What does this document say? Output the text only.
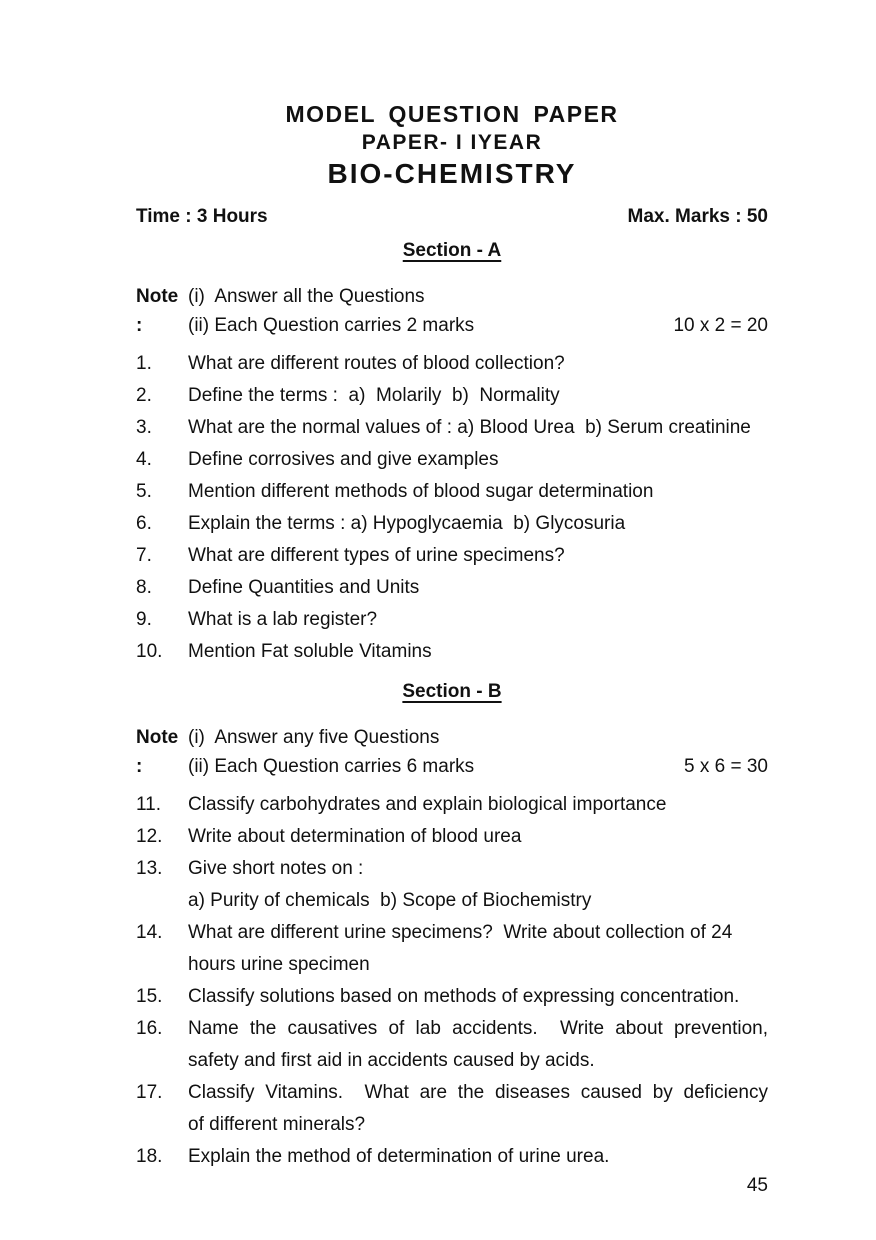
MODEL QUESTION PAPER
PAPER- I IYEAR
BIO-CHEMISTRY
Time : 3 Hours	Max. Marks : 50
Section - A
Note :
(i)  Answer all the Questions
(ii) Each Question carries 2 marks	10 x 2 = 20
1.	What are different routes of blood collection?
2.	Define the terms :  a)  Molarily  b)  Normality
3.	What are the normal values of : a) Blood Urea  b) Serum creatinine
4.	Define corrosives and give examples
5.	Mention different methods of blood sugar determination
6.	Explain the terms : a) Hypoglycaemia  b) Glycosuria
7.	What are different types of urine specimens?
8.	Define Quantities and Units
9.	What is a lab register?
10.	Mention Fat soluble Vitamins
Section - B
Note :
(i)  Answer any five Questions
(ii) Each Question carries 6 marks	5 x 6 = 30
11.	Classify carbohydrates and explain biological importance
12.	Write about determination of blood urea
13.	Give short notes on :
a) Purity of chemicals  b) Scope of Biochemistry
14.	What are different urine specimens?  Write about collection of 24
hours urine specimen
15.	Classify solutions based on methods of expressing concentration.
16.	Name the causatives of lab accidents.  Write about prevention,
safety and first aid in accidents caused by acids.
17.	Classify Vitamins.  What are the diseases caused by deficiency
of different minerals?
18.	Explain the method of determination of urine urea.
45
